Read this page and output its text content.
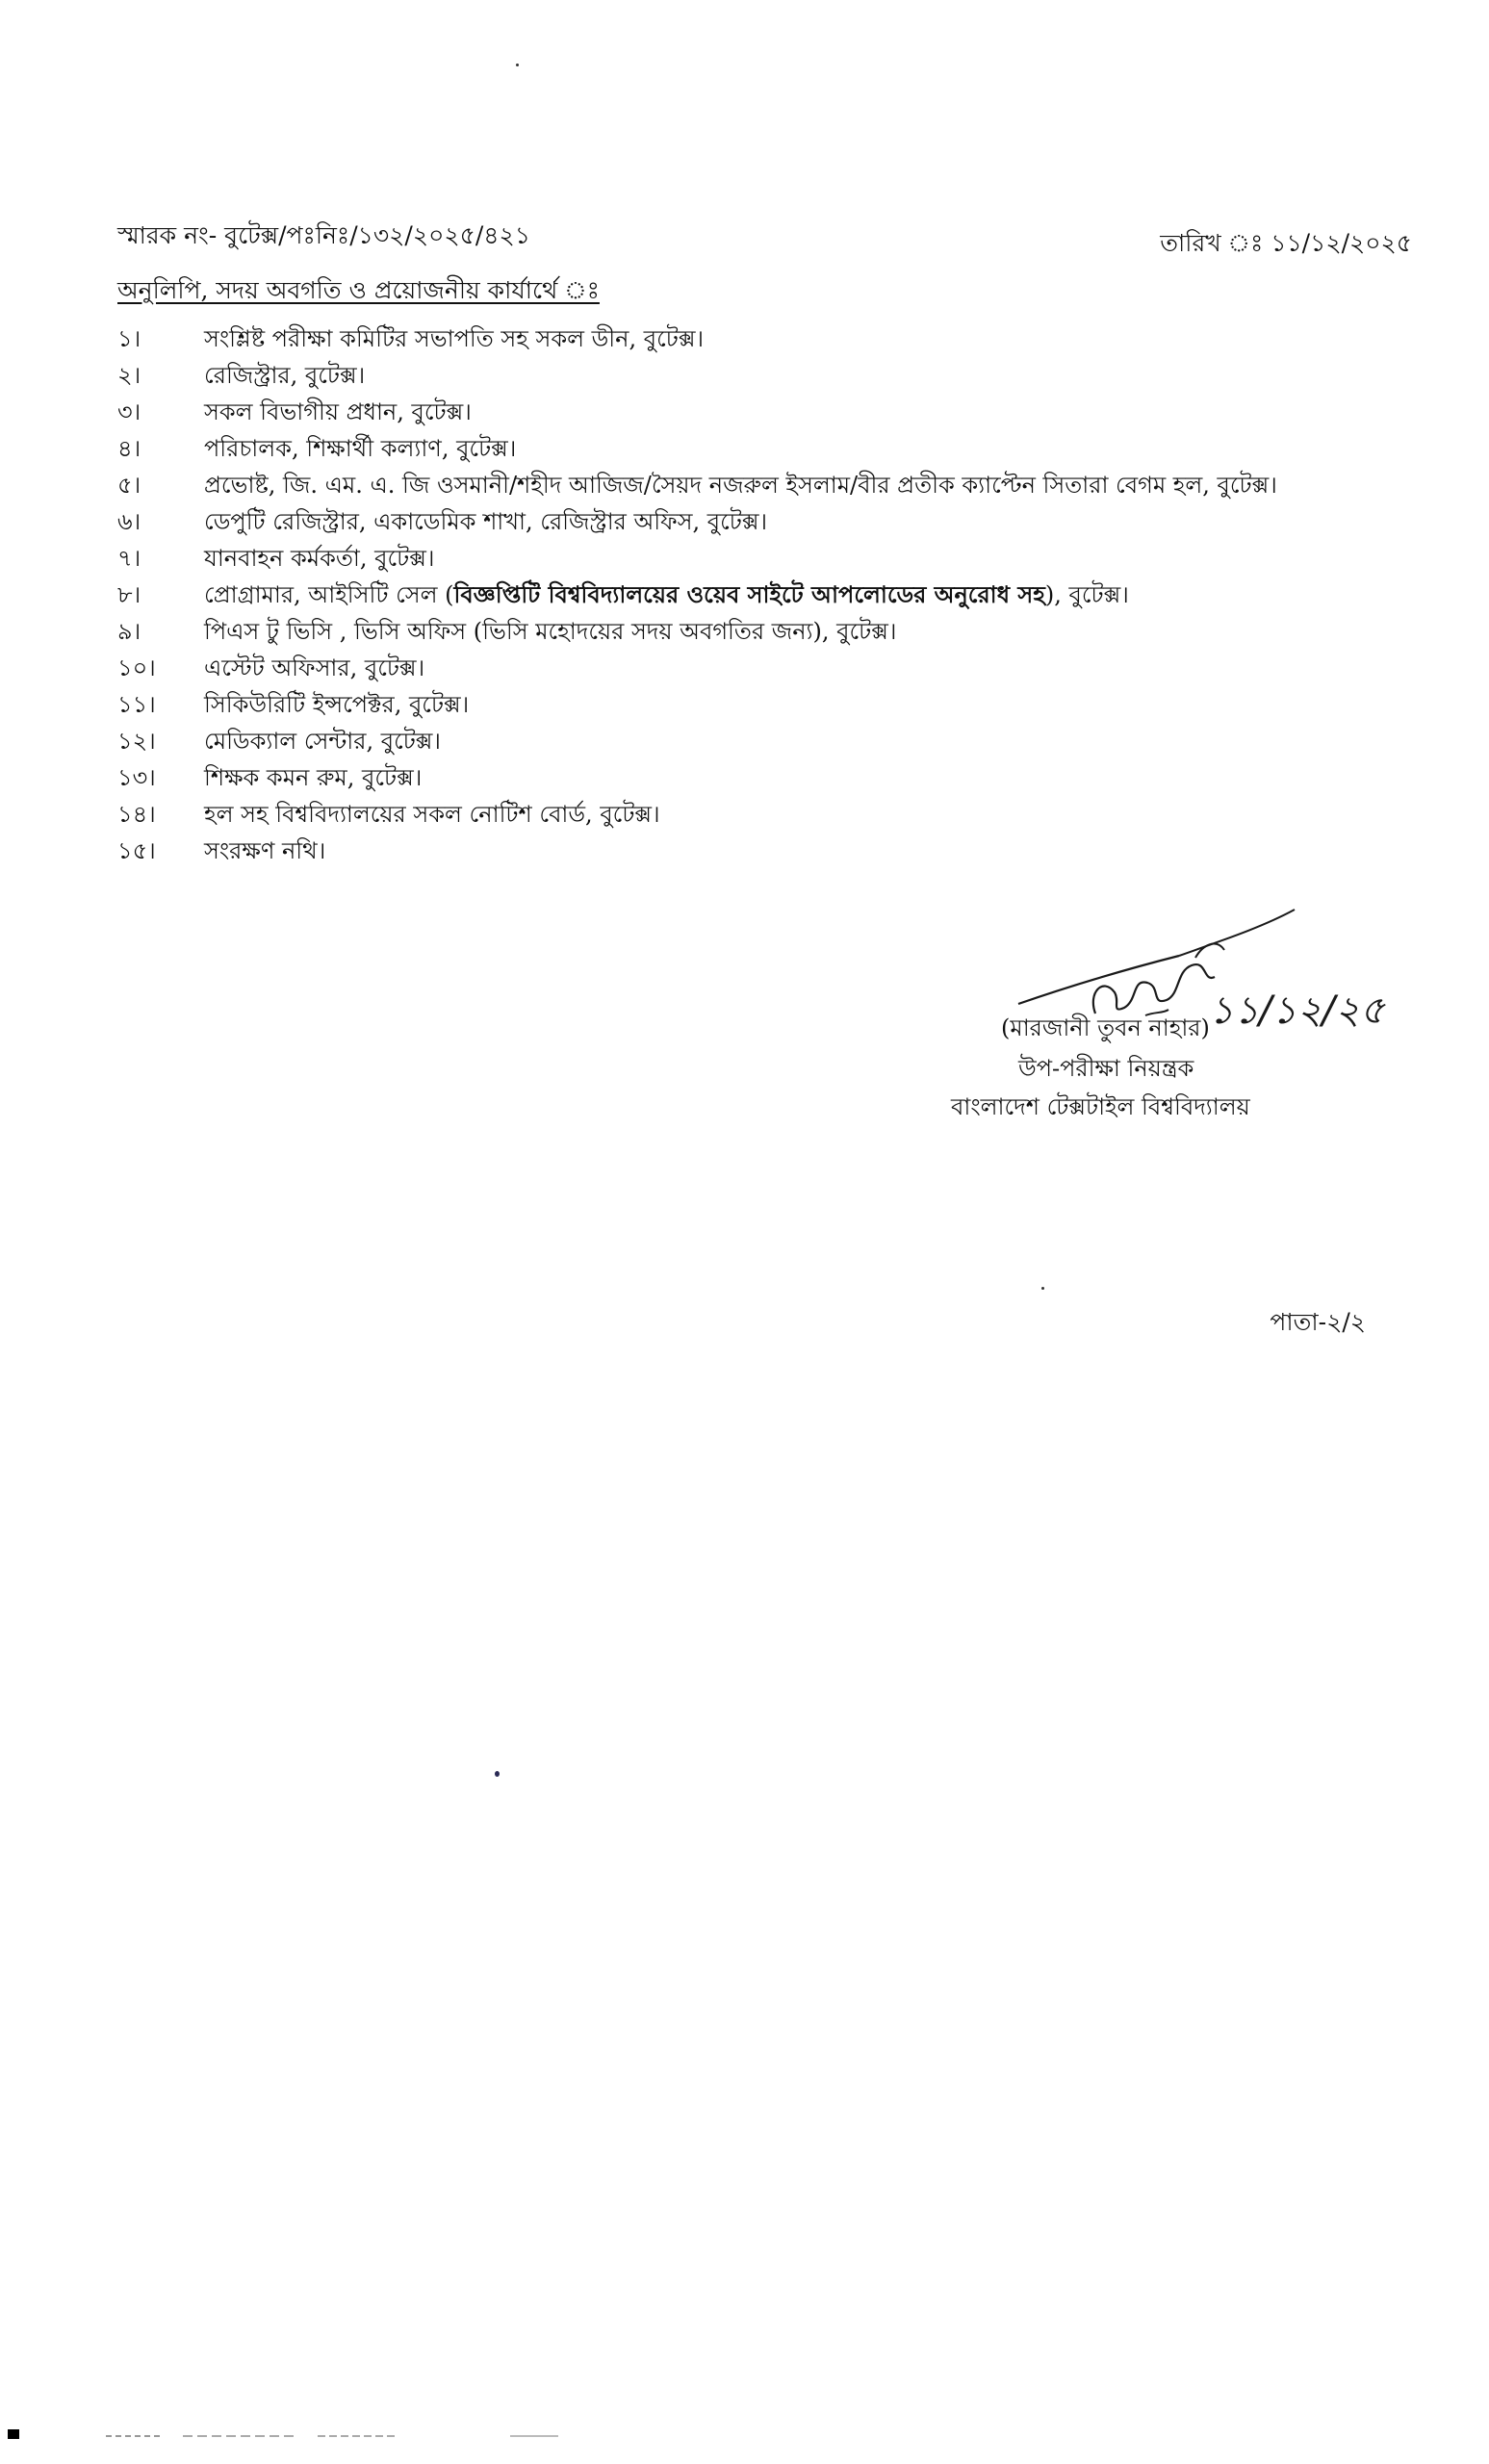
স্মারক নং- বুটেক্স/পঃনিঃ/১৩২/২০২৫/৪২১	তারিখ ঃ ১১/১২/২০২৫
অনুলিপি, সদয় অবগতি ও প্রয়োজনীয় কার্যার্থে ঃ
১।	সংশ্লিষ্ট পরীক্ষা কমিটির সভাপতি সহ সকল ডীন, বুটেক্স।
২।	রেজিস্ট্রার, বুটেক্স।
৩।	সকল বিভাগীয় প্রধান, বুটেক্স।
৪।	পরিচালক, শিক্ষার্থী কল্যাণ, বুটেক্স।
৫।	প্রভোষ্ট, জি. এম. এ. জি ওসমানী/শহীদ আজিজ/সৈয়দ নজরুল ইসলাম/বীর প্রতীক ক্যাপ্টেন সিতারা বেগম হল, বুটেক্স।
৬।	ডেপুটি রেজিস্ট্রার, একাডেমিক শাখা, রেজিস্ট্রার অফিস, বুটেক্স।
৭।	যানবাহন কর্মকর্তা, বুটেক্স।
৮।	প্রোগ্রামার, আইসিটি সেল (বিজ্ঞপ্তিটি বিশ্ববিদ্যালয়ের ওয়েব সাইটে আপলোডের অনুরোধ সহ), বুটেক্স।
৯।	পিএস টু ভিসি , ভিসি অফিস (ভিসি মহোদয়ের সদয় অবগতির জন্য), বুটেক্স।
১০।	এস্টেট অফিসার, বুটেক্স।
১১।	সিকিউরিটি ইন্সপেক্টর, বুটেক্স।
১২।	মেডিক্যাল সেন্টার, বুটেক্স।
১৩।	শিক্ষক কমন রুম, বুটেক্স।
১৪।	হল সহ বিশ্ববিদ্যালয়ের সকল নোটিশ বোর্ড, বুটেক্স।
১৫।	সংরক্ষণ নথি।
১১/১২/২৫
(মারজানী তুবন নাহার)
উপ-পরীক্ষা নিয়ন্ত্রক
বাংলাদেশ টেক্সটাইল বিশ্ববিদ্যালয়
পাতা-২/২
